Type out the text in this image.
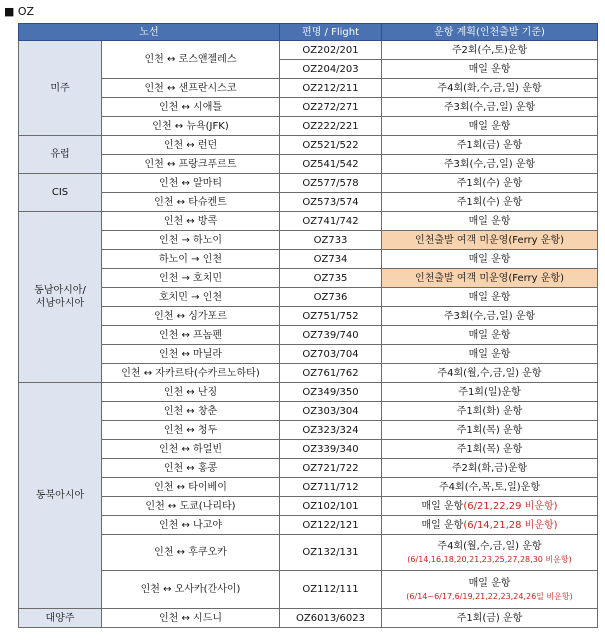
■ OZ
노선		편명 / Flight	운항 계획(인천출발 기준)
미주	인천 ↔ 로스앤젤레스	OZ202/201	주2회(수,토)운항
		OZ204/203	매일 운항
	인천 ↔ 샌프란시스코	OZ212/211	주4회(화,수,금,일) 운항
	인천 ↔ 시애틀	OZ272/271	주3회(수,금,일) 운항
	인천 ↔ 뉴욕(JFK)	OZ222/221	매일 운항
유럽	인천 ↔ 런던	OZ521/522	주1회(금) 운항
	인천 ↔ 프랑크푸르트	OZ541/542	주3회(수,금,일) 운항
CIS	인천 ↔ 알마티	OZ577/578	주1회(수) 운항
	인천 ↔ 타슈켄트	OZ573/574	주1회(수) 운항
동남아시아/
서남아시아	인천 ↔ 방콕	OZ741/742	매일 운항
	인천 → 하노이	OZ733	인천출발 여객 미운영(Ferry 운항)
	하노이 → 인천	OZ734	매일 운항
	인천 → 호치민	OZ735	인천출발 여객 미운영(Ferry 운항)
	호치민 → 인천	OZ736	매일 운항
	인천 ↔ 싱가포르	OZ751/752	주3회(수,금,일) 운항
	인천 ↔ 프놈펜	OZ739/740	매일 운항
	인천 ↔ 마닐라	OZ703/704	매일 운항
	인천 ↔ 자카르타(수카르노하타)	OZ761/762	주4회(월,수,금,일) 운항
동북아시아	인천 ↔ 난징	OZ349/350	주1회(일)운항
	인천 ↔ 창춘	OZ303/304	주1회(화) 운항
	인천 ↔ 청두	OZ323/324	주1회(목) 운항
	인천 ↔ 하얼빈	OZ339/340	주1회(목) 운항
	인천 ↔ 홍콩	OZ721/722	주2회(화,금)운항
	인천 ↔ 타이베이	OZ711/712	주4회(수,목,토,일)운항
	인천 ↔ 도쿄(나리타)	OZ102/101	매일 운항(6/21,22,29 비운항)
	인천 ↔ 나고야	OZ122/121	매일 운항(6/14,21,28 비운항)
	인천 ↔ 후쿠오카	OZ132/131	주4회(월,수,금,일) 운항
(6/14,16,18,20,21,23,25,27,28,30 비운항)
	인천 ↔ 오사카(간사이)	OZ112/111	매일 운항
(6/14~6/17,6/19,21,22,23,24,26일 비운항)
대양주	인천 ↔ 시드니	OZ6013/6023	주1회(금) 운항
